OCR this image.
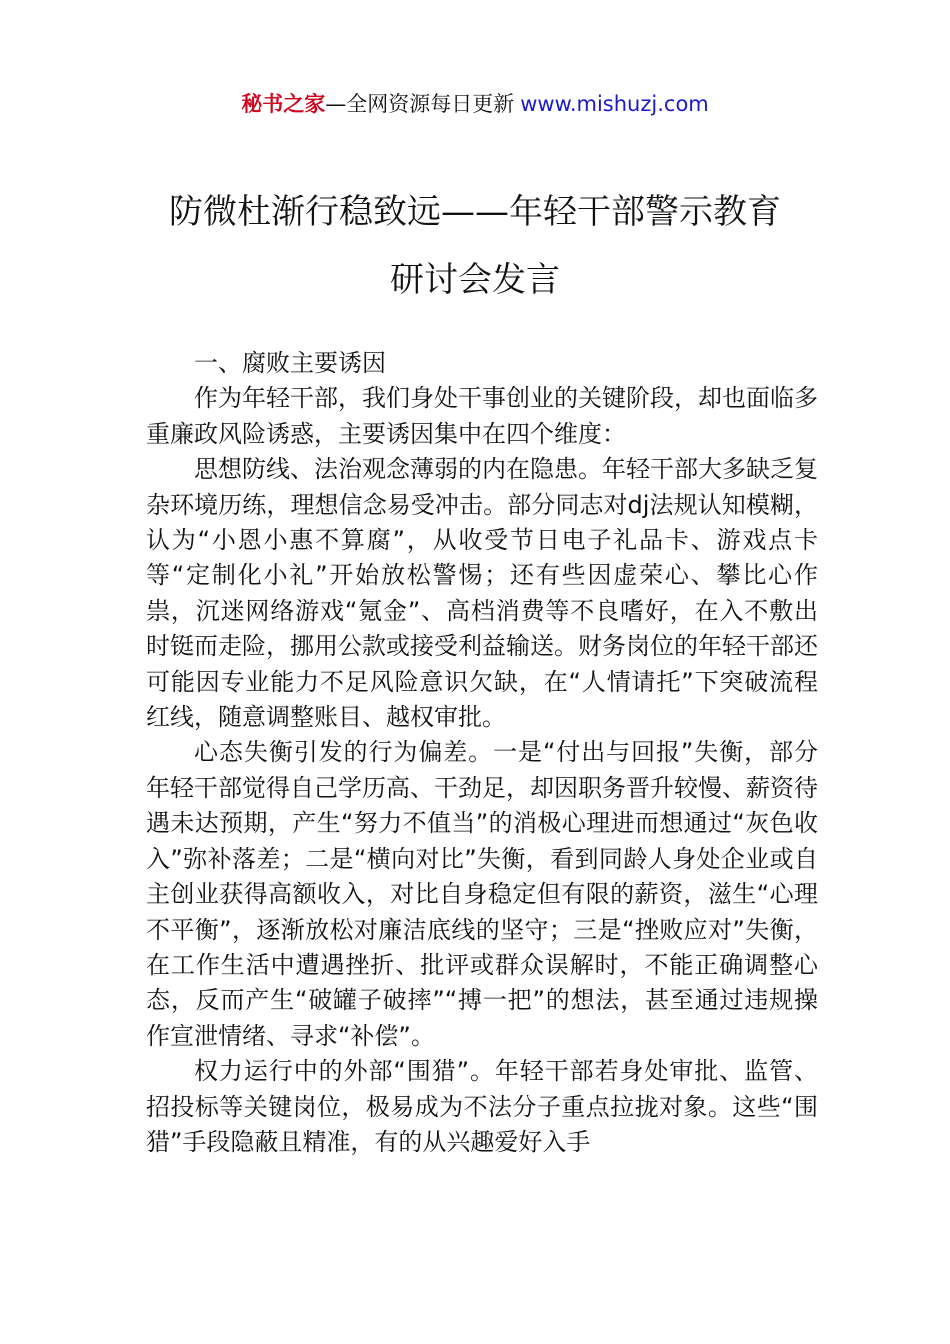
秘书之家—全网资源每日更新 www.mishuzj.com
防微杜渐行稳致远——年轻干部警示教育
研讨会发言

一、腐败主要诱因

作为年轻干部，我们身处干事创业的关键阶段，却也面临多重廉政风险诱惑，主要诱因集中在四个维度：

思想防线、法治观念薄弱的内在隐患。年轻干部大多缺乏复杂环境历练，理想信念易受冲击。部分同志对dj法规认知模糊，认为“小恩小惠不算腐”，从收受节日电子礼品卡、游戏点卡等“定制化小礼”开始放松警惕；还有些因虚荣心、攀比心作祟，沉迷网络游戏“氪金”、高档消费等不良嗜好，在入不敷出时铤而走险，挪用公款或接受利益输送。财务岗位的年轻干部还可能因专业能力不足风险意识欠缺，在“人情请托”下突破流程红线，随意调整账目、越权审批。

心态失衡引发的行为偏差。一是“付出与回报”失衡，部分年轻干部觉得自己学历高、干劲足，却因职务晋升较慢、薪资待遇未达预期，产生“努力不值当”的消极心理进而想通过“灰色收入”弥补落差；二是“横向对比”失衡，看到同龄人身处企业或自主创业获得高额收入，对比自身稳定但有限的薪资，滋生“心理不平衡”，逐渐放松对廉洁底线的坚守；三是“挫败应对”失衡，在工作生活中遭遇挫折、批评或群众误解时，不能正确调整心态，反而产生“破罐子破摔”“搏一把”的想法，甚至通过违规操作宣泄情绪、寻求“补偿”。

权力运行中的外部“围猎”。年轻干部若身处审批、监管、招投标等关键岗位，极易成为不法分子重点拉拢对象。这些“围猎”手段隐蔽且精准，有的从兴趣爱好入手
